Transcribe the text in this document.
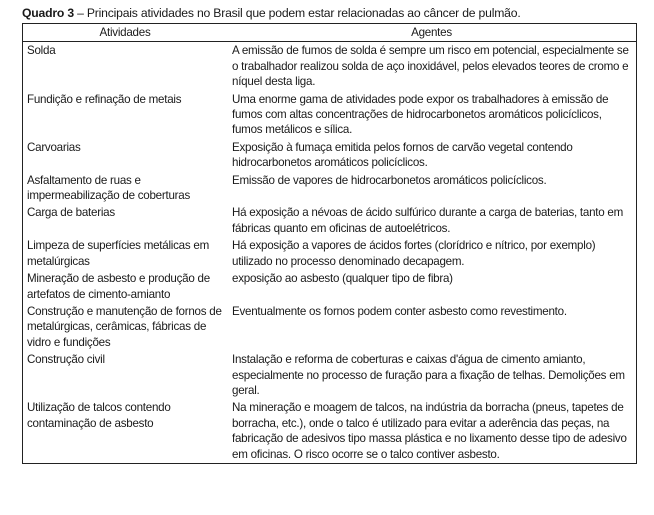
Quadro 3 – Principais atividades no Brasil que podem estar relacionadas ao câncer de pulmão.
Atividades	Agentes
Solda	A emissão de fumos de solda é sempre um risco em potencial, especialmente se o trabalhador realizou solda de aço inoxidável, pelos elevados teores de cromo e níquel desta liga.
Fundição e refinação de metais	Uma enorme gama de atividades pode expor os trabalhadores à emissão de fumos com altas concentrações de hidrocarbonetos aromáticos policíclicos, fumos metálicos e sílica.
Carvoarias	Exposição à fumaça emitida pelos fornos de carvão vegetal contendo hidrocarbonetos aromáticos policíclicos.
Asfaltamento de ruas e impermeabilização de coberturas	Emissão de vapores de hidrocarbonetos aromáticos policíclicos.
Carga de baterias	Há exposição a névoas de ácido sulfúrico durante a carga de baterias, tanto em fábricas quanto em oficinas de autoelétricos.
Limpeza de superfícies metálicas em metalúrgicas	Há exposição a vapores de ácidos fortes (clorídrico e nítrico, por exemplo) utilizado no processo denominado decapagem.
Mineração de asbesto e produção de artefatos de cimento-amianto	exposição ao asbesto (qualquer tipo de fibra)
Construção e manutenção de fornos de metalúrgicas, cerâmicas, fábricas de vidro e fundições	Eventualmente os fornos podem conter asbesto como revestimento.
Construção civil	Instalação e reforma de coberturas e caixas d'água de cimento amianto, especialmente no processo de furação para a fixação de telhas. Demolições em geral.
Utilização de talcos contendo contaminação de asbesto	Na mineração e moagem de talcos, na indústria da borracha (pneus, tapetes de borracha, etc.), onde o talco é utilizado para evitar a aderência das peças, na fabricação de adesivos tipo massa plástica e no lixamento desse tipo de adesivo em oficinas. O risco ocorre se o talco contiver asbesto.
